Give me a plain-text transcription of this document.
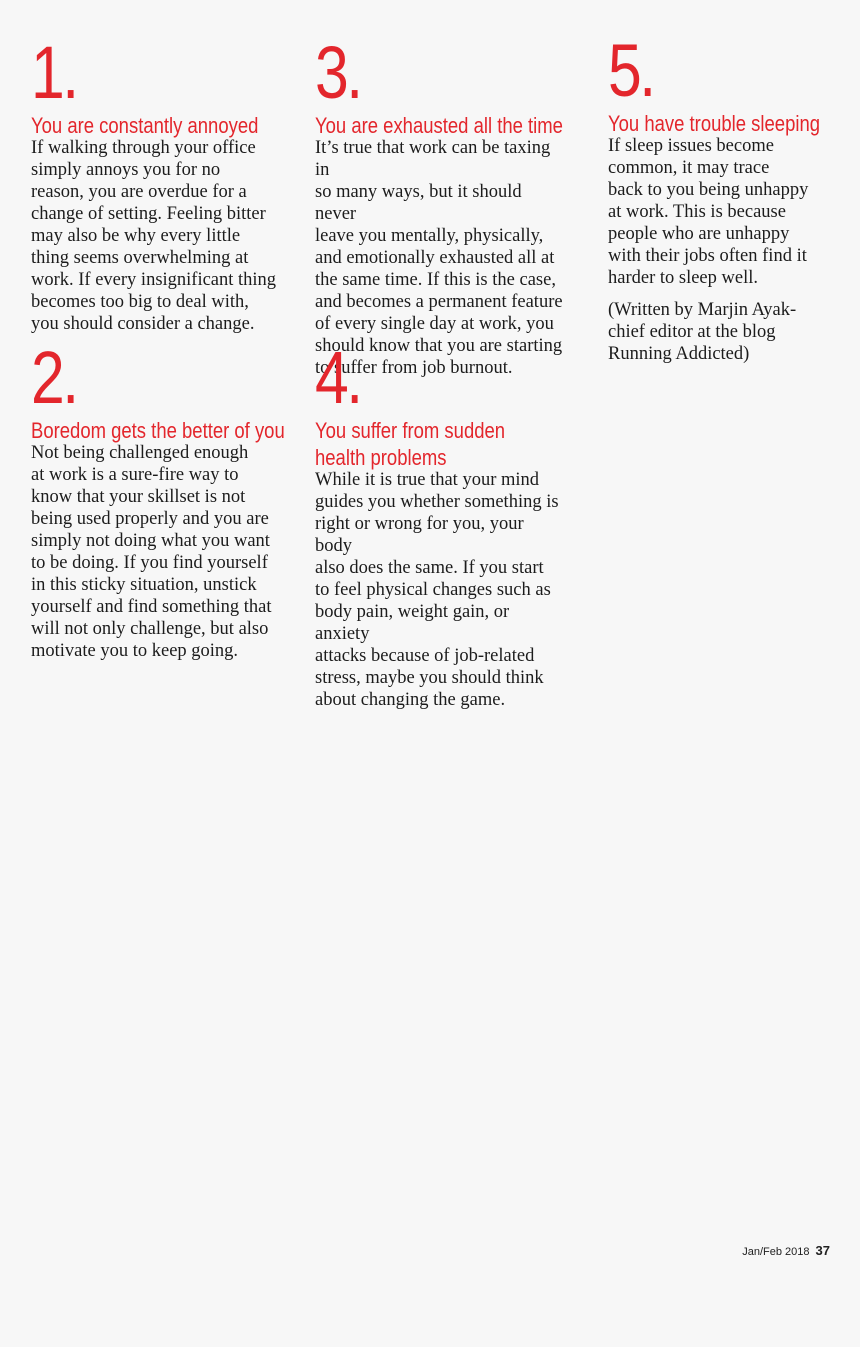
1.
You are constantly annoyed
If walking through your office
simply annoys you for no
reason, you are overdue for a
change of setting. Feeling bitter
may also be why every little
thing seems overwhelming at
work. If every insignificant thing
becomes too big to deal with,
you should consider a change.
2.
Boredom gets the better of you
Not being challenged enough
at work is a sure-fire way to
know that your skillset is not
being used properly and you are
simply not doing what you want
to be doing. If you find yourself
in this sticky situation, unstick
yourself and find something that
will not only challenge, but also
motivate you to keep going.
3.
You are exhausted all the time
It’s true that work can be taxing in
so many ways, but it should never
leave you mentally, physically,
and emotionally exhausted all at
the same time. If this is the case,
and becomes a permanent feature
of every single day at work, you
should know that you are starting
to suffer from job burnout.
4.
You suffer from sudden health problems
While it is true that your mind
guides you whether something is
right or wrong for you, your body
also does the same. If you start
to feel physical changes such as
body pain, weight gain, or anxiety
attacks because of job-related
stress, maybe you should think
about changing the game.
5.
You have trouble sleeping
If sleep issues become
common, it may trace
back to you being unhappy
at work. This is because
people who are unhappy
with their jobs often find it
harder to sleep well.
(Written by Marjin Ayak-
chief editor at the blog
Running Addicted)
Jan/Feb 2018 37
